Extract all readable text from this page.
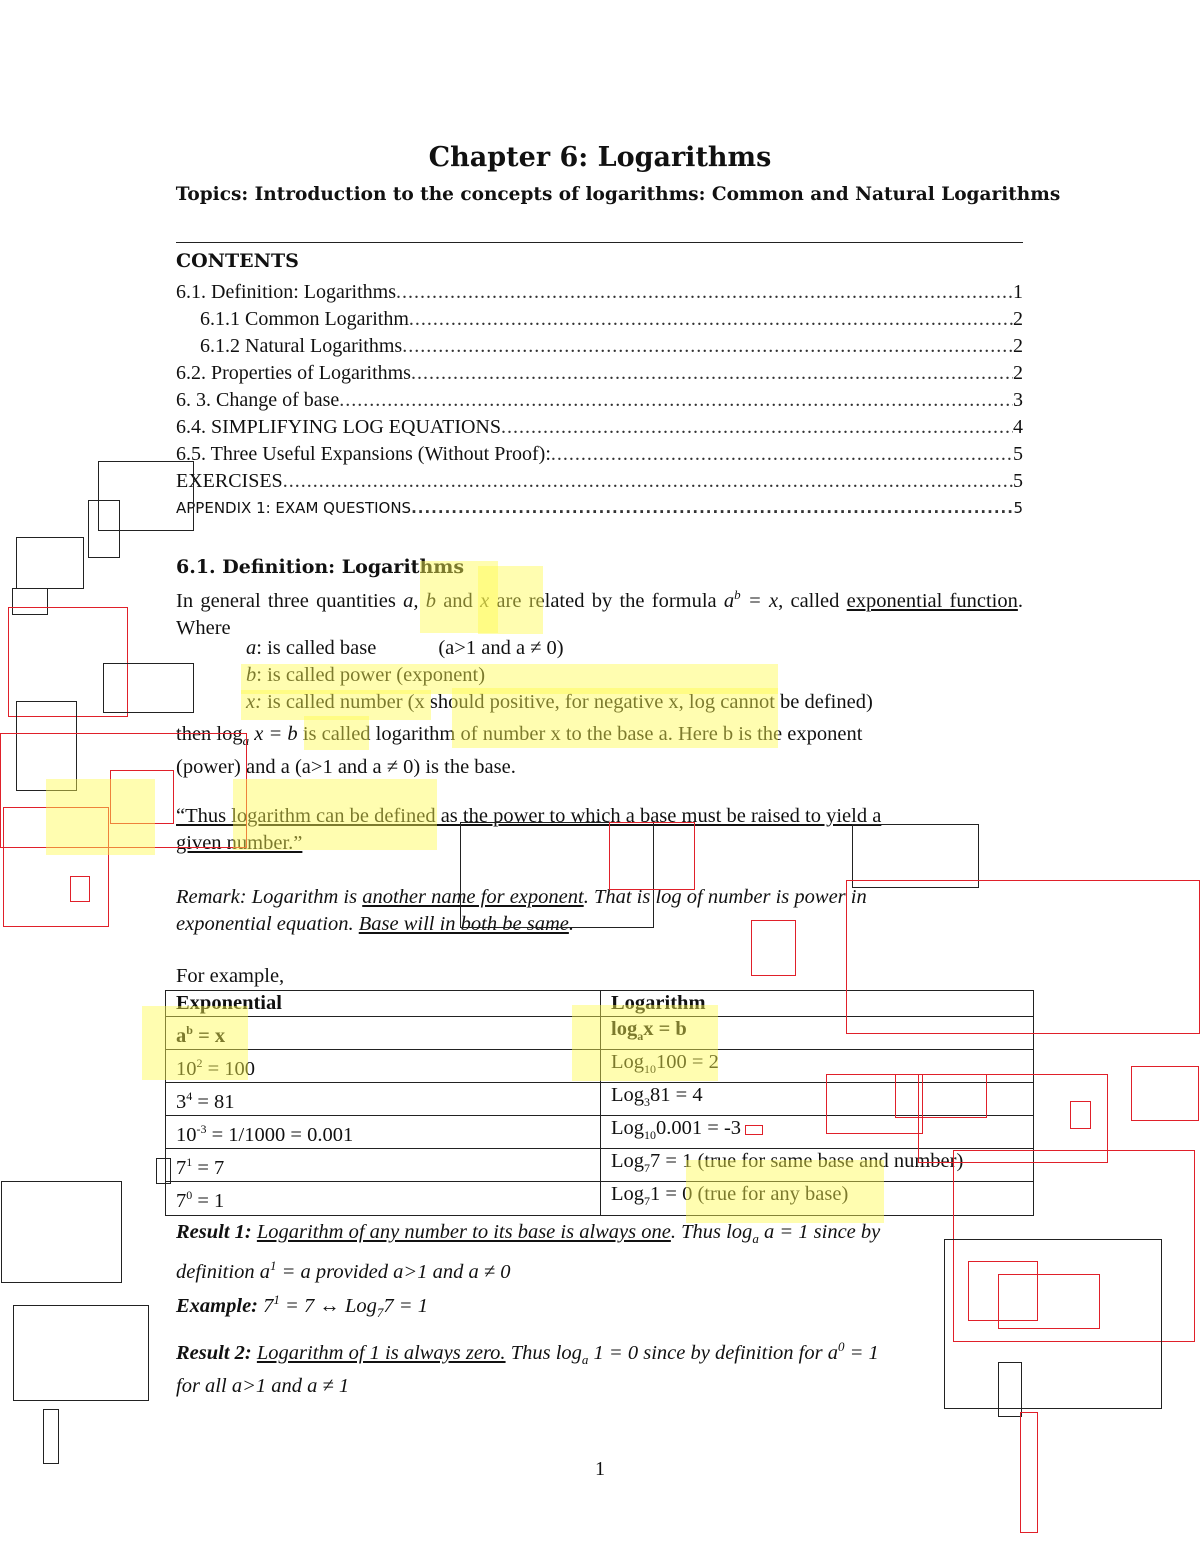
Chapter 6: Logarithms
Topics: Introduction to the concepts of logarithms: Common and Natural Logarithms
CONTENTS
6.1. Definition: Logarithms .....	1
6.1.1 Common Logarithm .....	2
6.1.2 Natural Logarithms .....	2
6.2. Properties of Logarithms .....	2
6. 3. Change of base .....	3
6.4. SIMPLIFYING LOG EQUATIONS .....	4
6.5. Three Useful Expansions (Without Proof): .....	5
EXERCISES .....	5
APPENDIX 1: EXAM QUESTIONS .....	5
6.1. Definition: Logarithms
In general three quantities a, b and x are related by the formula $a^b = x$, called exponential function. Where
a: is called base	(a>1 and a ≠ 0)
b: is called power (exponent)
x: is called number (x should positive, for negative x, log cannot be defined)
then $\log_a x = b$ is called logarithm of number x to the base a. Here b is the exponent
(power) and a (a>1 and a ≠ 0) is the base.
“Thus logarithm can be defined as the power to which a base must be raised to yield a
given number.”
Remark: Logarithm is another name for exponent. That is log of number is power in
exponential equation. Base will in both be same.
For example,
Exponential	Logarithm
$a^b = x$	$\log_ax = b$
$10^2 = 100$	Log$_{10}$100 = 2
$3^4 = 81$	Log$_3$81 = 4
$10^{-3} = 1/1000 = 0.001$	Log$_{10}$0.001 = -3
$7^1 = 7$	Log$_7$7 = 1 (true for same base and number)
$7^0 = 1$	Log$_7$1 = 0 (true for any base)
Result 1: Logarithm of any number to its base is always one. Thus $\log_a a = 1$ since by
definition $a^1 = a$ provided a>1 and a ≠ 0
Example: $7^1 = 7$ ↔ Log$_7$7 = 1
Result 2: Logarithm of 1 is always zero. Thus $\log_a 1 = 0$ since by definition for $a^0 = 1$
for all a>1 and a ≠ 1
1
